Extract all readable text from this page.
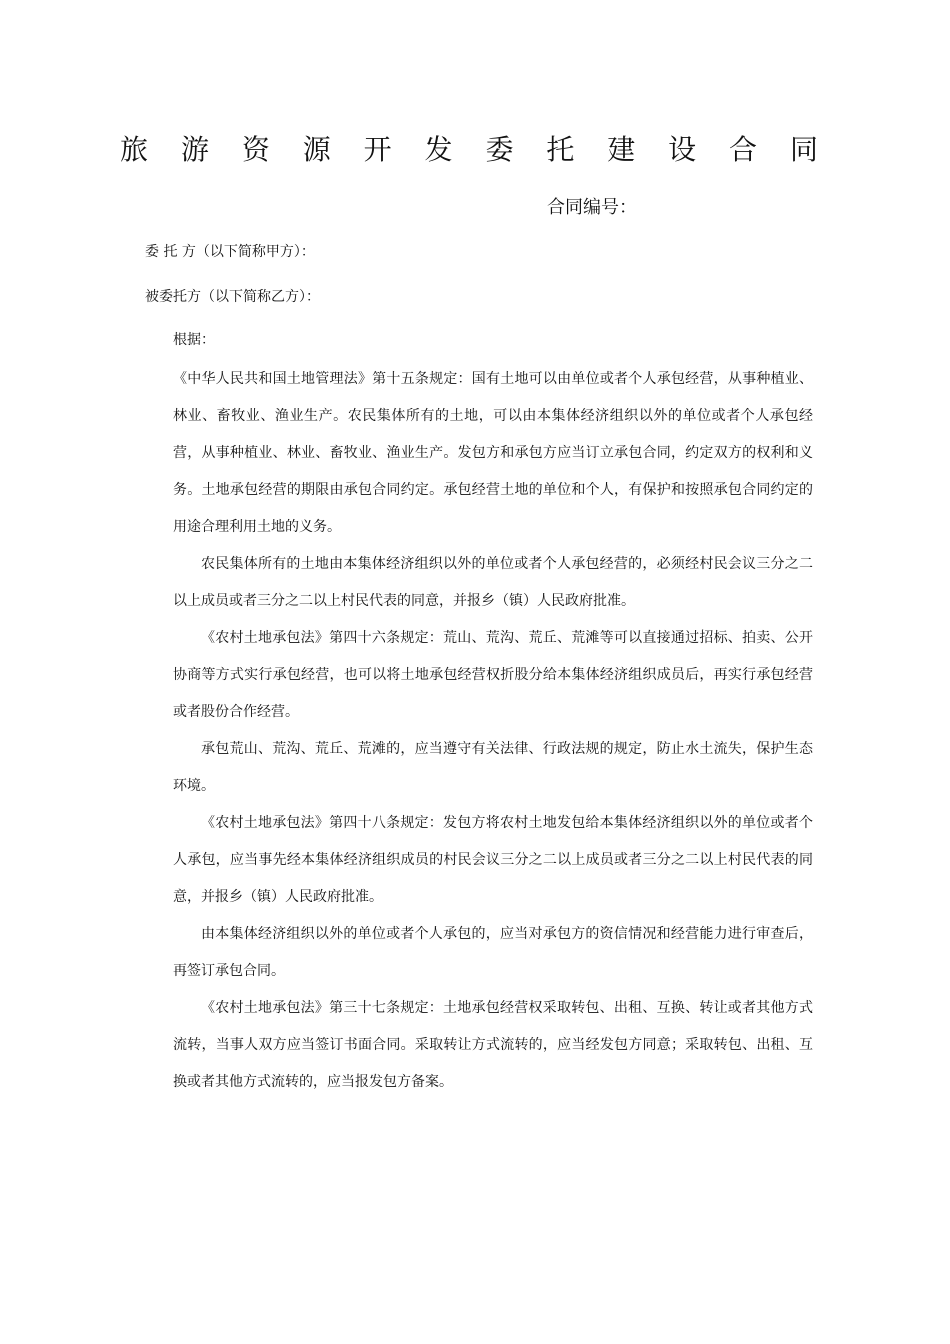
旅 游 资 源 开 发 委 托 建 设 合 同
合同编号：
委 托 方（以下简称甲方）：
被委托方（以下简称乙方）：
根据：

《中华人民共和国土地管理法》第十五条规定：国有土地可以由单位或者个人承包经营，从事种植业、林业、畜牧业、渔业生产。农民集体所有的土地，可以由本集体经济组织以外的单位或者个人承包经营，从事种植业、林业、畜牧业、渔业生产。发包方和承包方应当订立承包合同，约定双方的权利和义务。土地承包经营的期限由承包合同约定。承包经营土地的单位和个人，有保护和按照承包合同约定的用途合理利用土地的义务。

农民集体所有的土地由本集体经济组织以外的单位或者个人承包经营的，必须经村民会议三分之二以上成员或者三分之二以上村民代表的同意，并报乡（镇）人民政府批准。

《农村土地承包法》第四十六条规定：荒山、荒沟、荒丘、荒滩等可以直接通过招标、拍卖、公开协商等方式实行承包经营，也可以将土地承包经营权折股分给本集体经济组织成员后，再实行承包经营或者股份合作经营。

承包荒山、荒沟、荒丘、荒滩的，应当遵守有关法律、行政法规的规定，防止水土流失，保护生态环境。

《农村土地承包法》第四十八条规定：发包方将农村土地发包给本集体经济组织以外的单位或者个人承包，应当事先经本集体经济组织成员的村民会议三分之二以上成员或者三分之二以上村民代表的同意，并报乡（镇）人民政府批准。

由本集体经济组织以外的单位或者个人承包的，应当对承包方的资信情况和经营能力进行审查后，再签订承包合同。

《农村土地承包法》第三十七条规定：土地承包经营权采取转包、出租、互换、转让或者其他方式流转，当事人双方应当签订书面合同。采取转让方式流转的，应当经发包方同意；采取转包、出租、互换或者其他方式流转的，应当报发包方备案。
